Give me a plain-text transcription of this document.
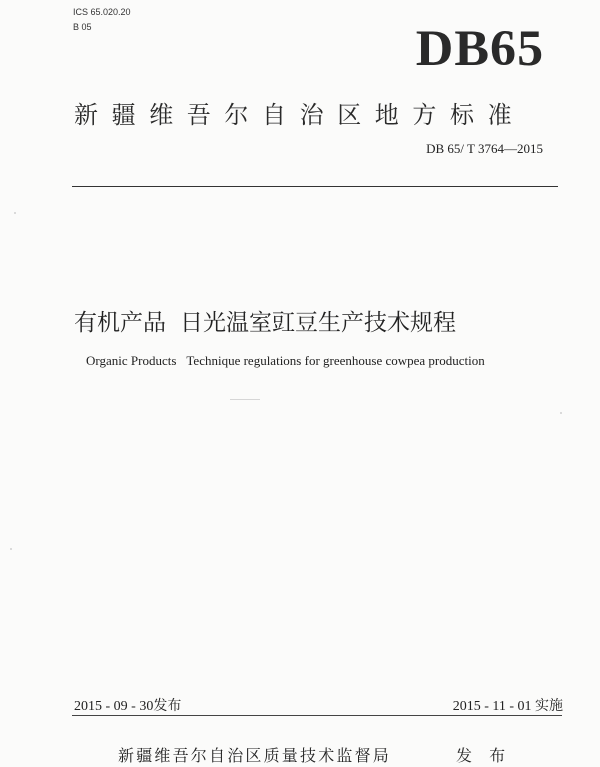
ICS 65.020.20
B 05	DB65
新疆维吾尔自治区地方标准
DB 65/ T 3764—2015
有机产品 日光温室豇豆生产技术规程
Organic Products Technique regulations for greenhouse cowpea production
2015 - 09 - 30发布	2015 - 11 - 01 实施
新疆维吾尔自治区质量技术监督局	发 布
